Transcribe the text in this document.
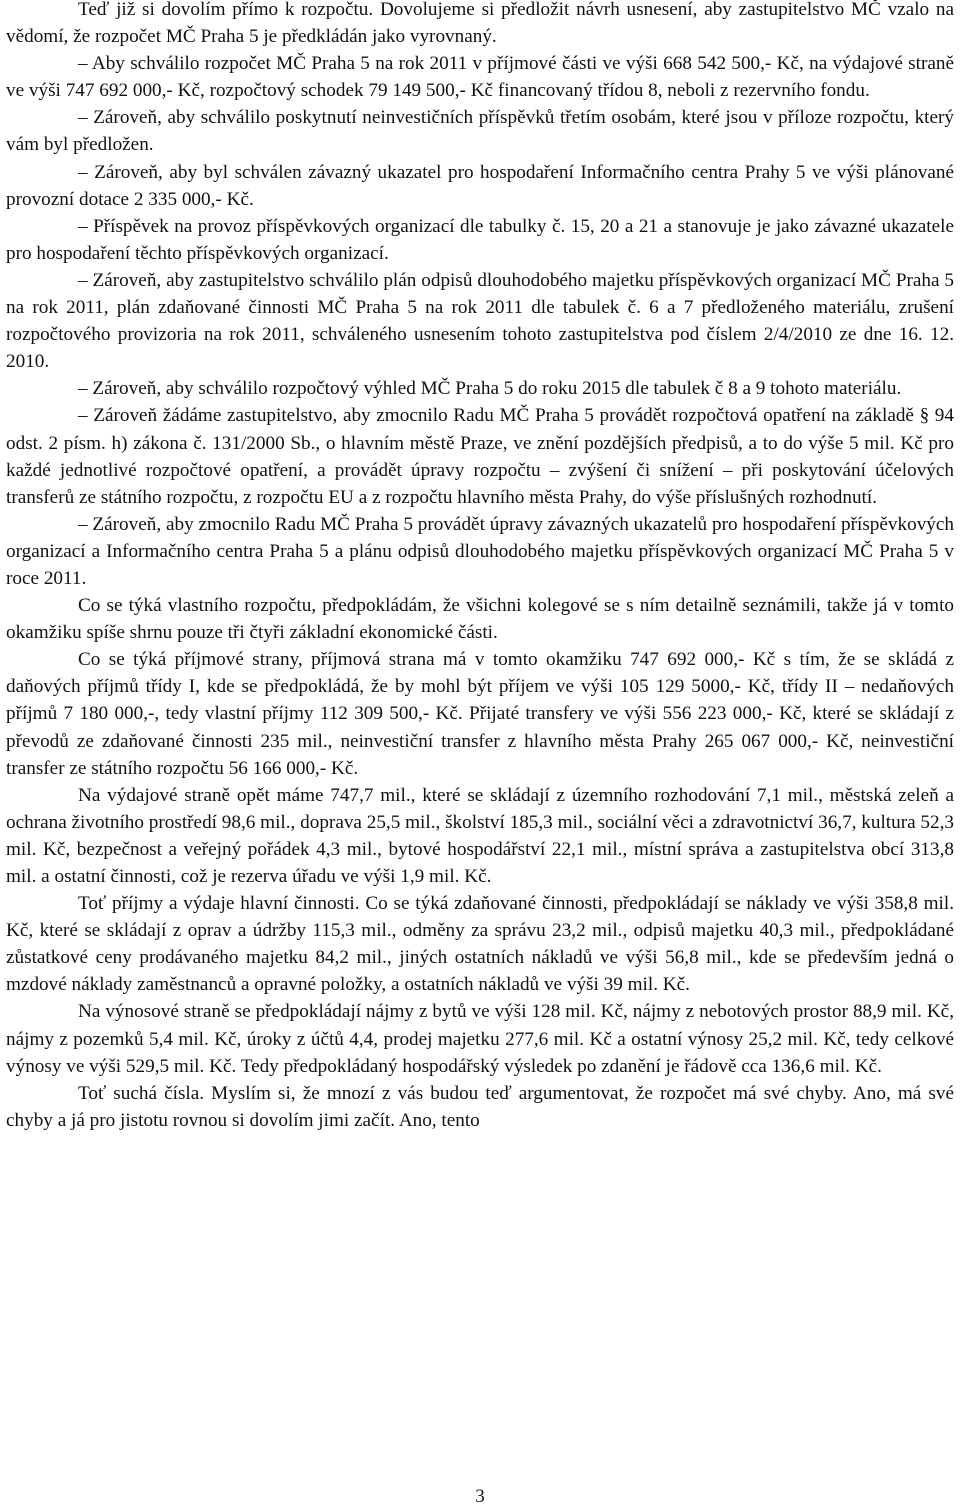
Teď již si dovolím přímo k rozpočtu. Dovolujeme si předložit návrh usnesení, aby zastupitelstvo MČ vzalo na vědomí, že rozpočet MČ Praha 5 je předkládán jako vyrovnaný.

– Aby schválilo rozpočet MČ Praha 5 na rok 2011 v příjmové části ve výši 668 542 500,- Kč, na výdajové straně ve výši 747 692 000,- Kč, rozpočtový schodek 79 149 500,- Kč financovaný třídou 8, neboli z rezervního fondu.

– Zároveň, aby schválilo poskytnutí neinvestičních příspěvků třetím osobám, které jsou v příloze rozpočtu, který vám byl předložen.

– Zároveň, aby byl schválen závazný ukazatel pro hospodaření Informačního centra Prahy 5 ve výši plánované provozní dotace 2 335 000,- Kč.

– Příspěvek na provoz příspěvkových organizací dle tabulky č. 15, 20 a 21 a stanovuje je jako závazné ukazatele pro hospodaření těchto příspěvkových organizací.

– Zároveň, aby zastupitelstvo schválilo plán odpisů dlouhodobého majetku příspěvkových organizací MČ Praha 5 na rok 2011, plán zdaňované činnosti MČ Praha 5 na rok 2011 dle tabulek č. 6 a 7 předloženého materiálu, zrušení rozpočtového provizoria na rok 2011, schváleného usnesením tohoto zastupitelstva pod číslem 2/4/2010 ze dne 16. 12. 2010.

– Zároveň, aby schválilo rozpočtový výhled MČ Praha 5 do roku 2015 dle tabulek č 8 a 9 tohoto materiálu.

– Zároveň žádáme zastupitelstvo, aby zmocnilo Radu MČ Praha 5 provádět rozpočtová opatření na základě § 94 odst. 2 písm. h) zákona č. 131/2000 Sb., o hlavním městě Praze, ve znění pozdějších předpisů, a to do výše 5 mil. Kč pro každé jednotlivé rozpočtové opatření, a provádět úpravy rozpočtu – zvýšení či snížení – při poskytování účelových transferů ze státního rozpočtu, z rozpočtu EU a z rozpočtu hlavního města Prahy, do výše příslušných rozhodnutí.

– Zároveň, aby zmocnilo Radu MČ Praha 5 provádět úpravy závazných ukazatelů pro hospodaření příspěvkových organizací a Informačního centra Praha 5 a plánu odpisů dlouhodobého majetku příspěvkových organizací MČ Praha 5 v roce 2011.

Co se týká vlastního rozpočtu, předpokládám, že všichni kolegové se s ním detailně seznámili, takže já v tomto okamžiku spíše shrnu pouze tři čtyři základní ekonomické části.

Co se týká příjmové strany, příjmová strana má v tomto okamžiku 747 692 000,- Kč s tím, že se skládá z daňových příjmů třídy I, kde se předpokládá, že by mohl být příjem ve výši 105 129 5000,- Kč, třídy II – nedaňových příjmů 7 180 000,-, tedy vlastní příjmy 112 309 500,- Kč. Přijaté transfery ve výši 556 223 000,- Kč, které se skládají z převodů ze zdaňované činnosti 235 mil., neinvestiční transfer z hlavního města Prahy 265 067 000,- Kč, neinvestiční transfer ze státního rozpočtu 56 166 000,- Kč.

Na výdajové straně opět máme 747,7 mil., které se skládají z územního rozhodování 7,1 mil., městská zeleň a ochrana životního prostředí 98,6 mil., doprava 25,5 mil., školství 185,3 mil., sociální věci a zdravotnictví 36,7, kultura 52,3 mil. Kč, bezpečnost a veřejný pořádek 4,3 mil., bytové hospodářství 22,1 mil., místní správa a zastupitelstva obcí 313,8 mil. a ostatní činnosti, což je rezerva úřadu ve výši 1,9 mil. Kč.

Toť příjmy a výdaje hlavní činnosti. Co se týká zdaňované činnosti, předpokládají se náklady ve výši 358,8 mil. Kč, které se skládají z oprav a údržby 115,3 mil., odměny za správu 23,2 mil., odpisů majetku 40,3 mil., předpokládané zůstatkové ceny prodávaného majetku 84,2 mil., jiných ostatních nákladů ve výši 56,8 mil., kde se především jedná o mzdové náklady zaměstnanců a opravné položky, a ostatních nákladů ve výši 39 mil. Kč.

Na výnosové straně se předpokládají nájmy z bytů ve výši 128 mil. Kč, nájmy z nebotových prostor 88,9 mil. Kč, nájmy z pozemků 5,4 mil. Kč, úroky z účtů 4,4, prodej majetku 277,6 mil. Kč a ostatní výnosy 25,2 mil. Kč, tedy celkové výnosy ve výši 529,5 mil. Kč. Tedy předpokládaný hospodářský výsledek po zdanění je řádově cca 136,6 mil. Kč.

Toť suchá čísla. Myslím si, že mnozí z vás budou teď argumentovat, že rozpočet má své chyby. Ano, má své chyby a já pro jistotu rovnou si dovolím jimi začít. Ano, tento

3
